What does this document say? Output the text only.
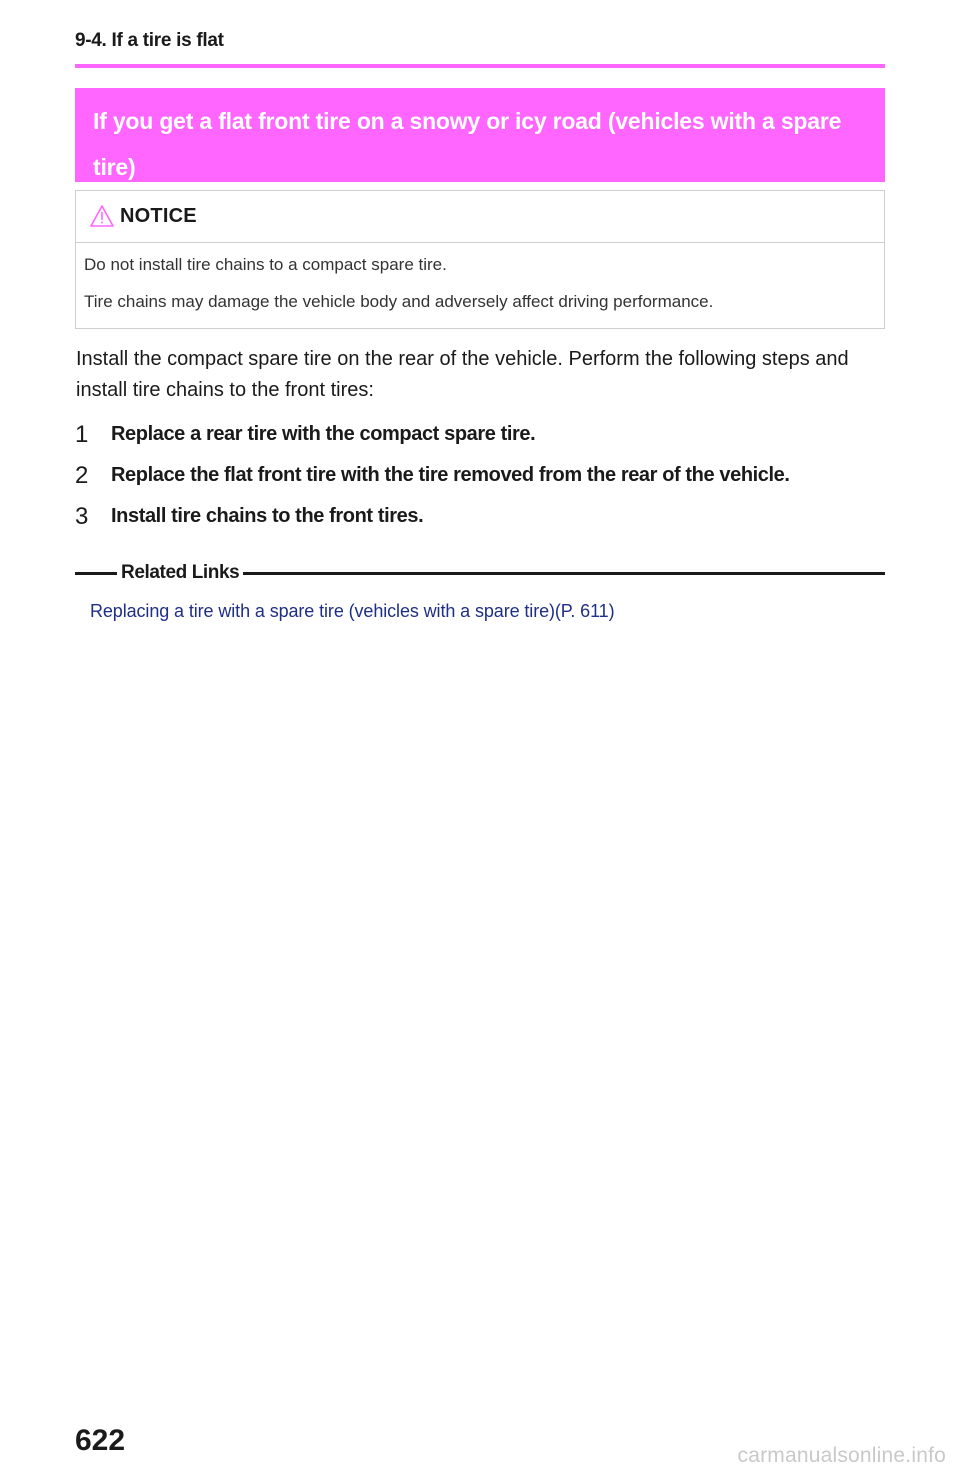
9-4. If a tire is flat
If you get a flat front tire on a snowy or icy road (vehicles with a spare tire)
NOTICE

Do not install tire chains to a compact spare tire.

Tire chains may damage the vehicle body and adversely affect driving performance.

Install the compact spare tire on the rear of the vehicle. Perform the following steps and install tire chains to the front tires:
1	Replace a rear tire with the compact spare tire.
2	Replace the flat front tire with the tire removed from the rear of the vehicle.
3	Install tire chains to the front tires.
Related Links
Replacing a tire with a spare tire (vehicles with a spare tire)(P. 611)
622	carmanualsonline.info
